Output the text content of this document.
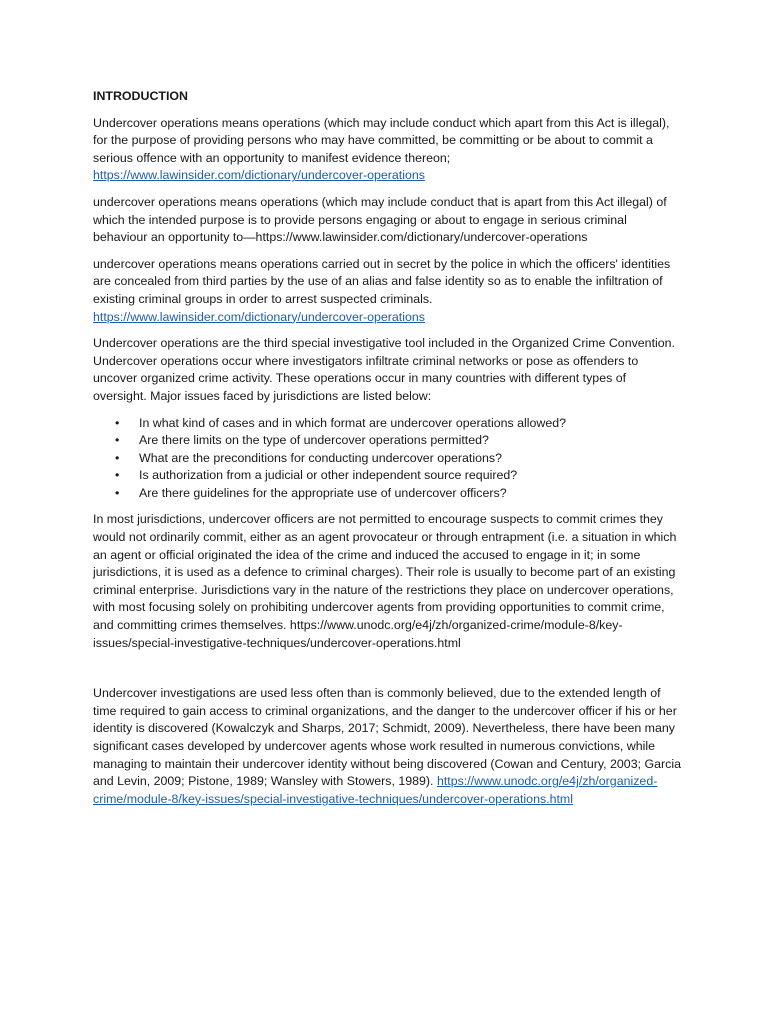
INTRODUCTION

Undercover operations means operations (which may include conduct which apart from this Act is illegal), for the purpose of providing persons who may have committed, be committing or be about to commit a serious offence with an opportunity to manifest evidence thereon; https://www.lawinsider.com/dictionary/undercover-operations

undercover operations means operations (which may include conduct that is apart from this Act illegal) of which the intended purpose is to provide persons engaging or about to engage in serious criminal behaviour an opportunity to—https://www.lawinsider.com/dictionary/undercover-operations

undercover operations means operations carried out in secret by the police in which the officers' identities are concealed from third parties by the use of an alias and false identity so as to enable the infiltration of existing criminal groups in order to arrest suspected criminals. https://www.lawinsider.com/dictionary/undercover-operations

Undercover operations are the third special investigative tool included in the Organized Crime Convention. Undercover operations occur where investigators infiltrate criminal networks or pose as offenders to uncover organized crime activity. These operations occur in many countries with different types of oversight. Major issues faced by jurisdictions are listed below:

• In what kind of cases and in which format are undercover operations allowed?
• Are there limits on the type of undercover operations permitted?
• What are the preconditions for conducting undercover operations?
• Is authorization from a judicial or other independent source required?
• Are there guidelines for the appropriate use of undercover officers?

In most jurisdictions, undercover officers are not permitted to encourage suspects to commit crimes they would not ordinarily commit, either as an agent provocateur or through entrapment (i.e. a situation in which an agent or official originated the idea of the crime and induced the accused to engage in it; in some jurisdictions, it is used as a defence to criminal charges). Their role is usually to become part of an existing criminal enterprise. Jurisdictions vary in the nature of the restrictions they place on undercover operations, with most focusing solely on prohibiting undercover agents from providing opportunities to commit crime, and committing crimes themselves. https://www.unodc.org/e4j/zh/organized-crime/module-8/key-issues/special-investigative-techniques/undercover-operations.html

Undercover investigations are used less often than is commonly believed, due to the extended length of time required to gain access to criminal organizations, and the danger to the undercover officer if his or her identity is discovered (Kowalczyk and Sharps, 2017; Schmidt, 2009). Nevertheless, there have been many significant cases developed by undercover agents whose work resulted in numerous convictions, while managing to maintain their undercover identity without being discovered (Cowan and Century, 2003; Garcia and Levin, 2009; Pistone, 1989; Wansley with Stowers, 1989). https://www.unodc.org/e4j/zh/organized-crime/module-8/key-issues/special-investigative-techniques/undercover-operations.html
